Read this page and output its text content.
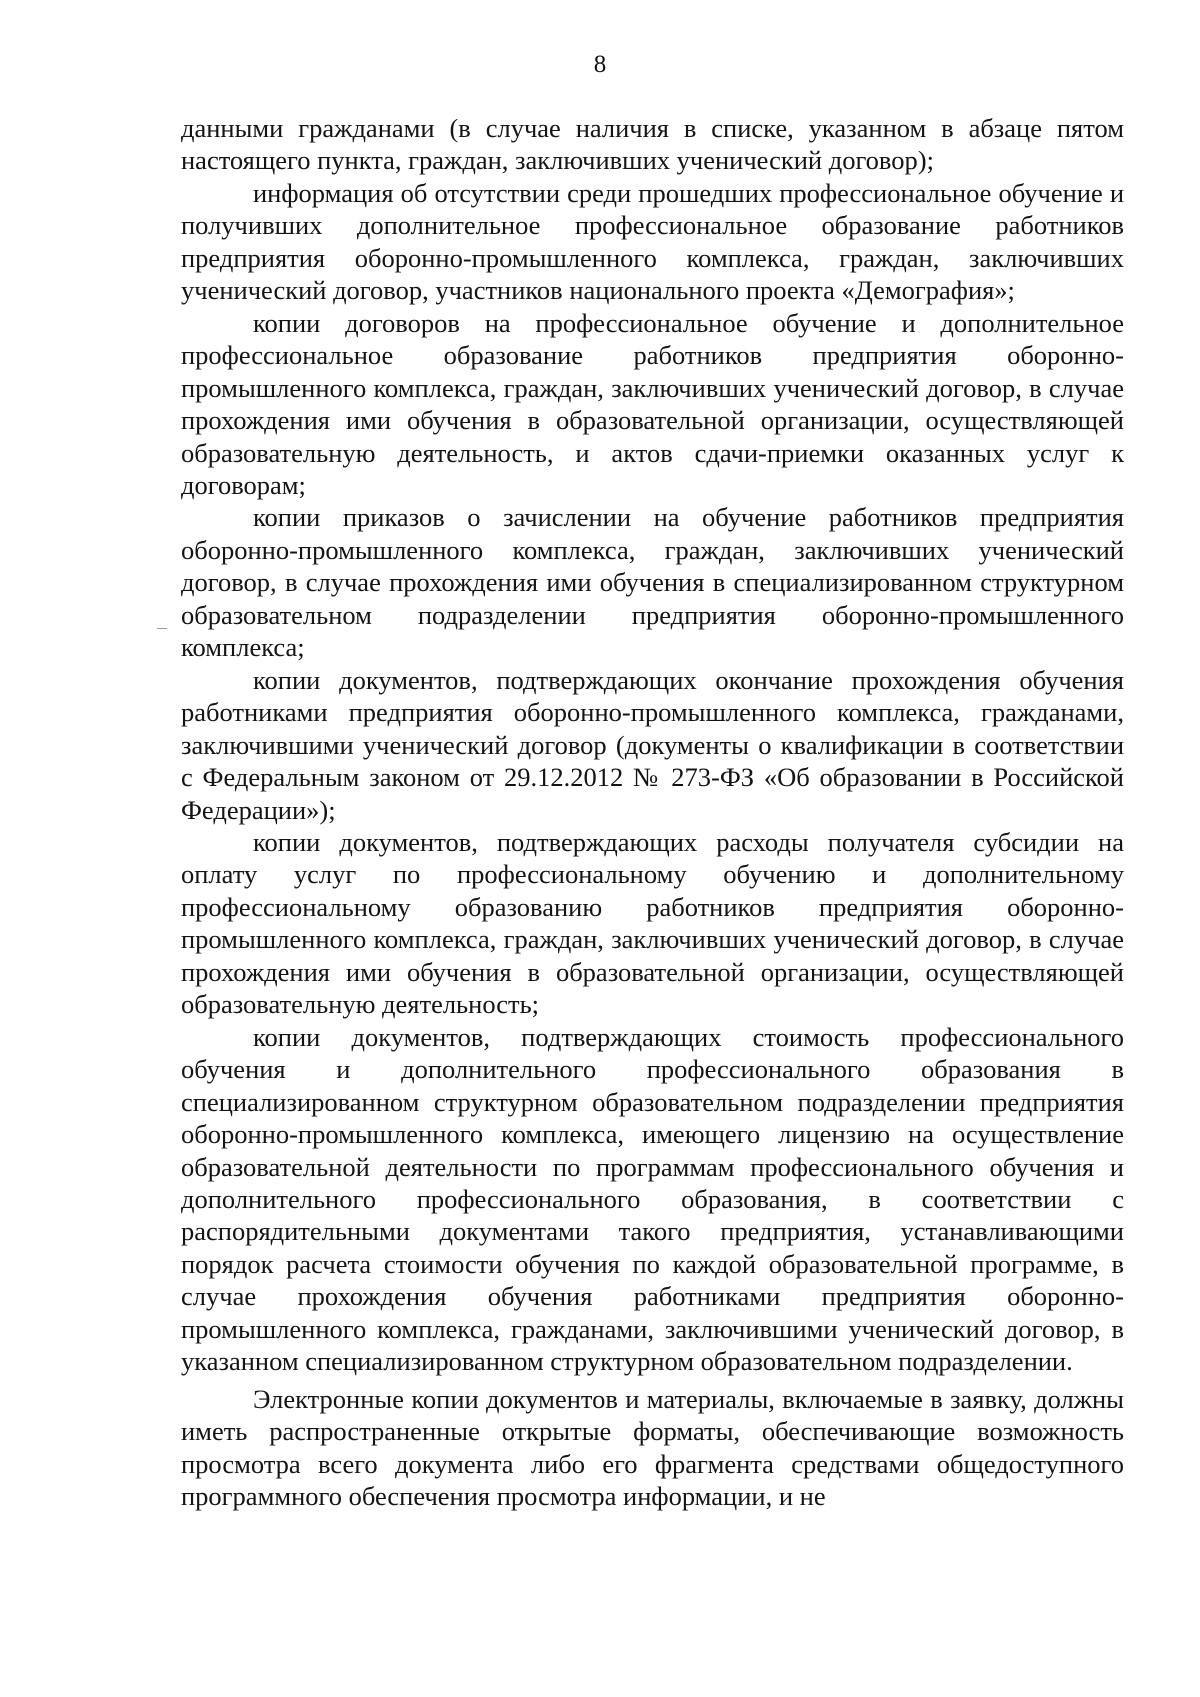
8

данными гражданами (в случае наличия в списке, указанном в абзаце пятом настоящего пункта, граждан, заключивших ученический договор);

информация об отсутствии среди прошедших профессиональное обучение и получивших дополнительное профессиональное образование работников предприятия оборонно-промышленного комплекса, граждан, заключивших ученический договор, участников национального проекта «Демография»;

копии договоров на профессиональное обучение и дополнительное профессиональное образование работников предприятия оборонно-промышленного комплекса, граждан, заключивших ученический договор, в случае прохождения ими обучения в образовательной организации, осуществляющей образовательную деятельность, и актов сдачи-приемки оказанных услуг к договорам;

копии приказов о зачислении на обучение работников предприятия оборонно-промышленного комплекса, граждан, заключивших ученический договор, в случае прохождения ими обучения в специализированном структурном образовательном подразделении предприятия оборонно-промышленного комплекса;

копии документов, подтверждающих окончание прохождения обучения работниками предприятия оборонно-промышленного комплекса, гражданами, заключившими ученический договор (документы о квалификации в соответствии с Федеральным законом от 29.12.2012 № 273-ФЗ «Об образовании в Российской Федерации»);

копии документов, подтверждающих расходы получателя субсидии на оплату услуг по профессиональному обучению и дополнительному профессиональному образованию работников предприятия оборонно-промышленного комплекса, граждан, заключивших ученический договор, в случае прохождения ими обучения в образовательной организации, осуществляющей образовательную деятельность;

копии документов, подтверждающих стоимость профессионального обучения и дополнительного профессионального образования в специализированном структурном образовательном подразделении предприятия оборонно-промышленного комплекса, имеющего лицензию на осуществление образовательной деятельности по программам профессионального обучения и дополнительного профессионального образования, в соответствии с распорядительными документами такого предприятия, устанавливающими порядок расчета стоимости обучения по каждой образовательной программе, в случае прохождения обучения работниками предприятия оборонно-промышленного комплекса, гражданами, заключившими ученический договор, в указанном специализированном структурном образовательном подразделении.

Электронные копии документов и материалы, включаемые в заявку, должны иметь распространенные открытые форматы, обеспечивающие возможность просмотра всего документа либо его фрагмента средствами общедоступного программного обеспечения просмотра информации, и не
